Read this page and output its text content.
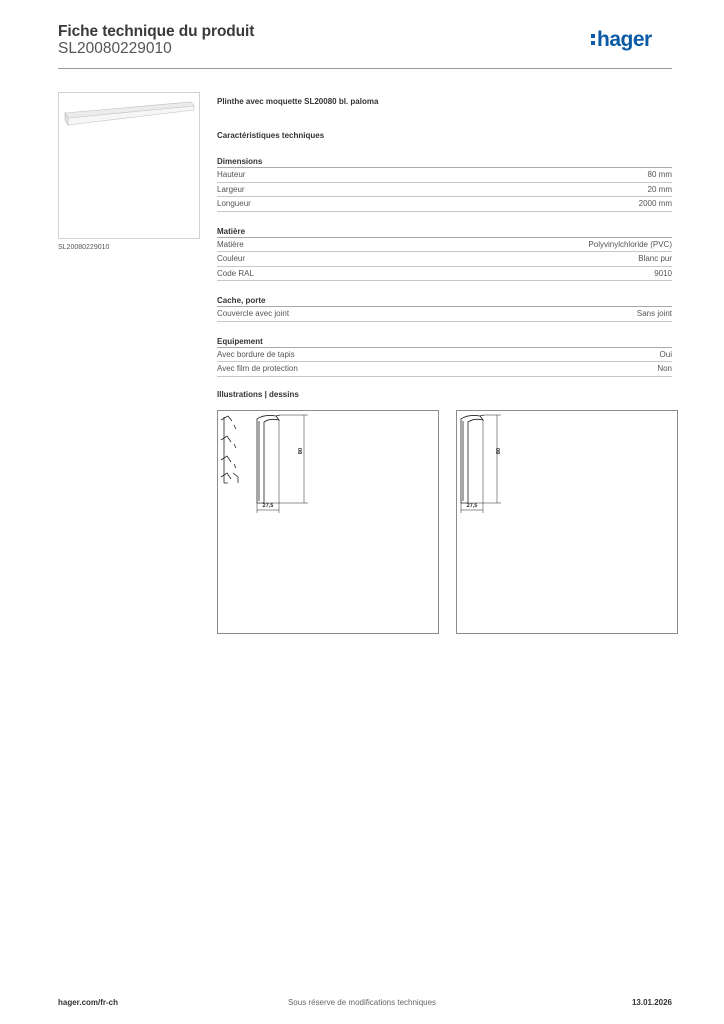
Fiche technique du produit
SL20080229010	hager
SL20080229010
Plinthe avec moquette SL20080 bl. paloma
Caractéristiques techniques
Dimensions
Hauteur	80 mm
Largeur	20 mm
Longueur	2000 mm
Matière
Matière	Polyvinylchloride (PVC)
Couleur	Blanc pur
Code RAL	9010
Cache, porte
Couvercle avec joint	Sans joint
Equipement
Avec bordure de tapis	Oui
Avec film de protection	Non
Illustrations | dessins
80
27,5
80
27,5
hager.com/fr-ch	Sous réserve de modifications techniques	13.01.2026
